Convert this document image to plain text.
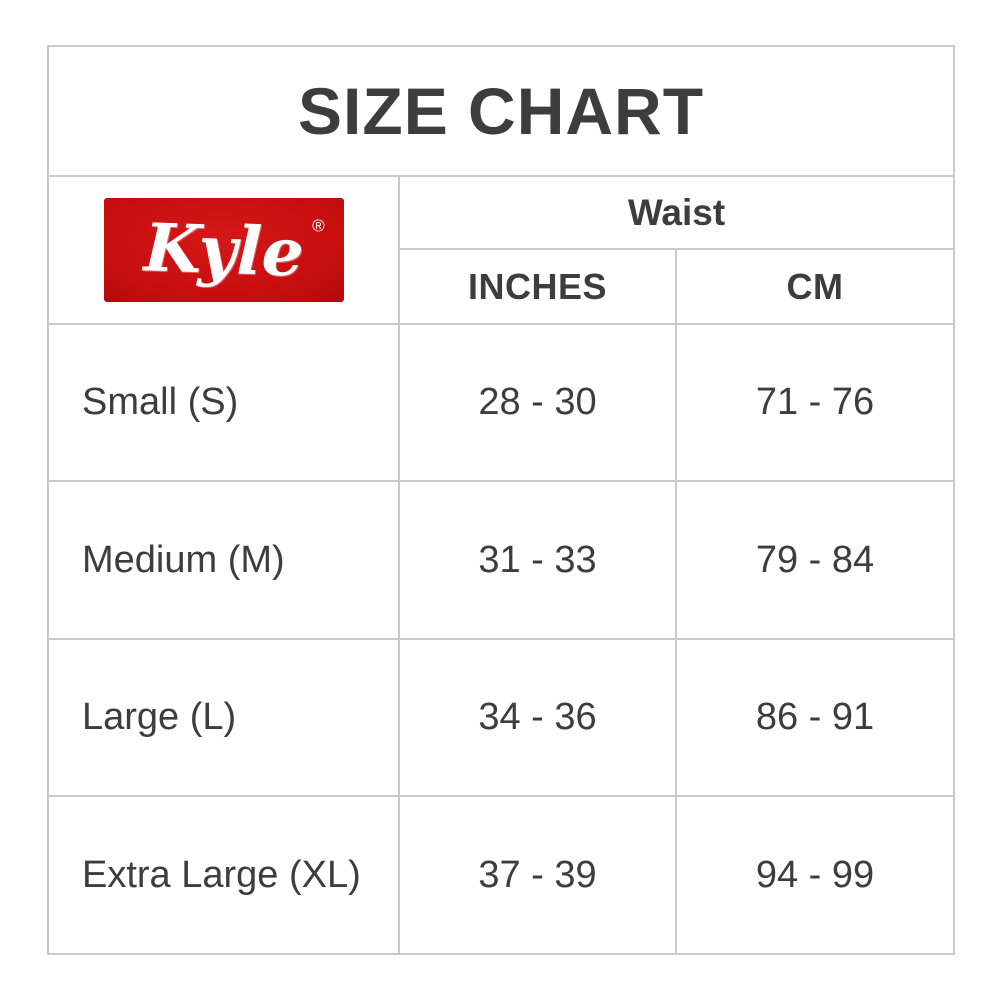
SIZE CHART		

Kyle ®	Waist	
	INCHES	CM
Small (S)	28 - 30	71 - 76
Medium (M)	31 - 33	79 - 84
Large (L)	34 - 36	86 - 91
Extra Large (XL)	37 - 39	94 - 99
